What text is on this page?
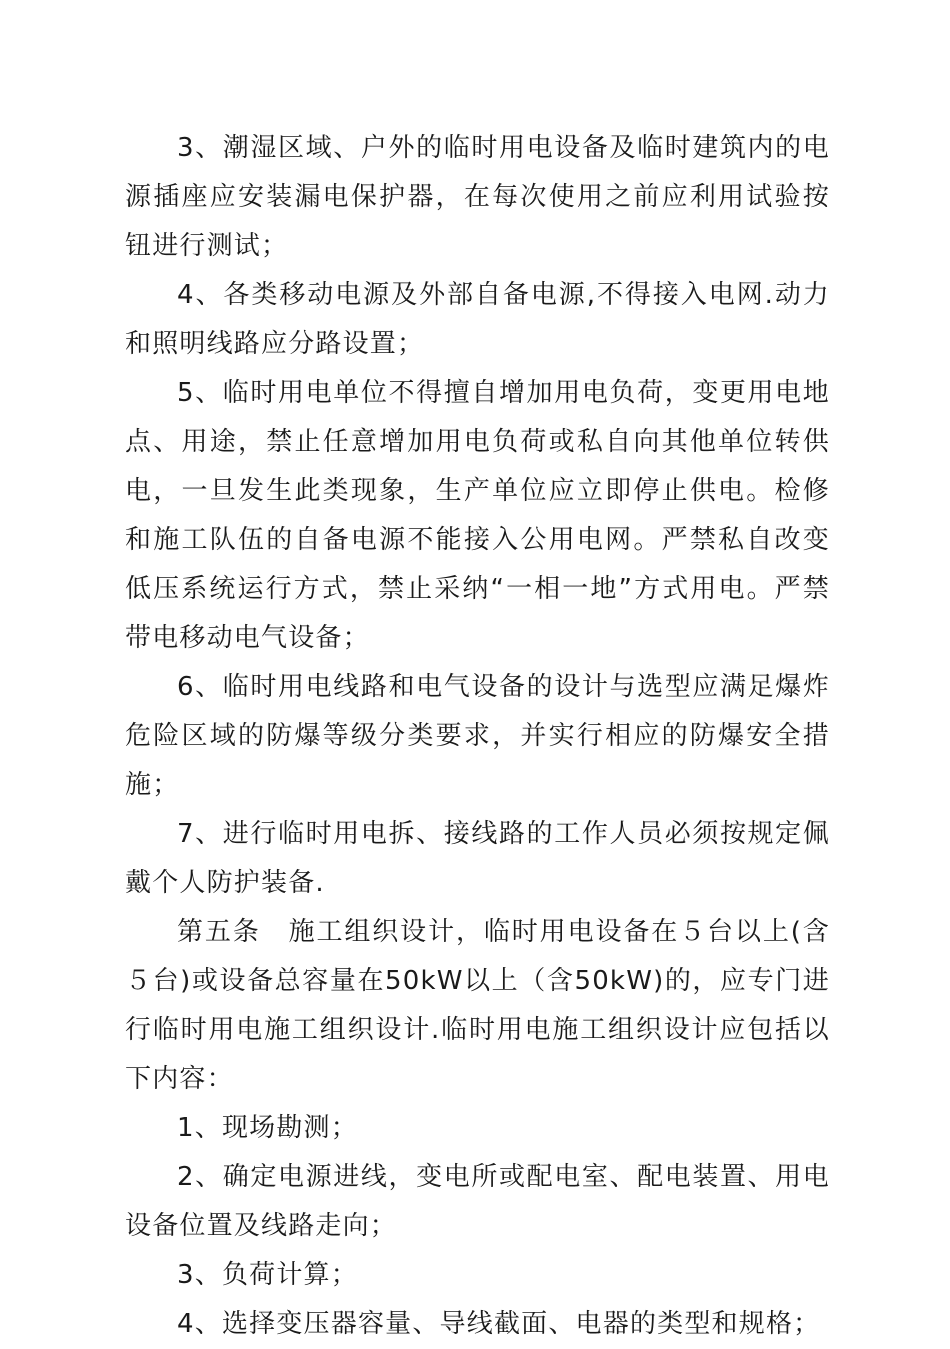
3、潮湿区域、户外的临时用电设备及临时建筑内的电源插座应安装漏电保护器，在每次使用之前应利用试验按钮进行测试；

4、各类移动电源及外部自备电源,不得接入电网.动力和照明线路应分路设置；

5、临时用电单位不得擅自增加用电负荷，变更用电地点、用途，禁止任意增加用电负荷或私自向其他单位转供电，一旦发生此类现象，生产单位应立即停止供电。检修和施工队伍的自备电源不能接入公用电网。严禁私自改变低压系统运行方式，禁止采纳“一相一地”方式用电。严禁带电移动电气设备；

6、临时用电线路和电气设备的设计与选型应满足爆炸危险区域的防爆等级分类要求，并实行相应的防爆安全措施；

7、进行临时用电拆、接线路的工作人员必须按规定佩戴个人防护装备.

第五条　施工组织设计，临时用电设备在５台以上(含５台)或设备总容量在50kW以上（含50kW)的，应专门进行临时用电施工组织设计.临时用电施工组织设计应包括以下内容：

1、现场勘测；

2、确定电源进线，变电所或配电室、配电装置、用电设备位置及线路走向；

3、负荷计算；

4、选择变压器容量、导线截面、电器的类型和规格；
